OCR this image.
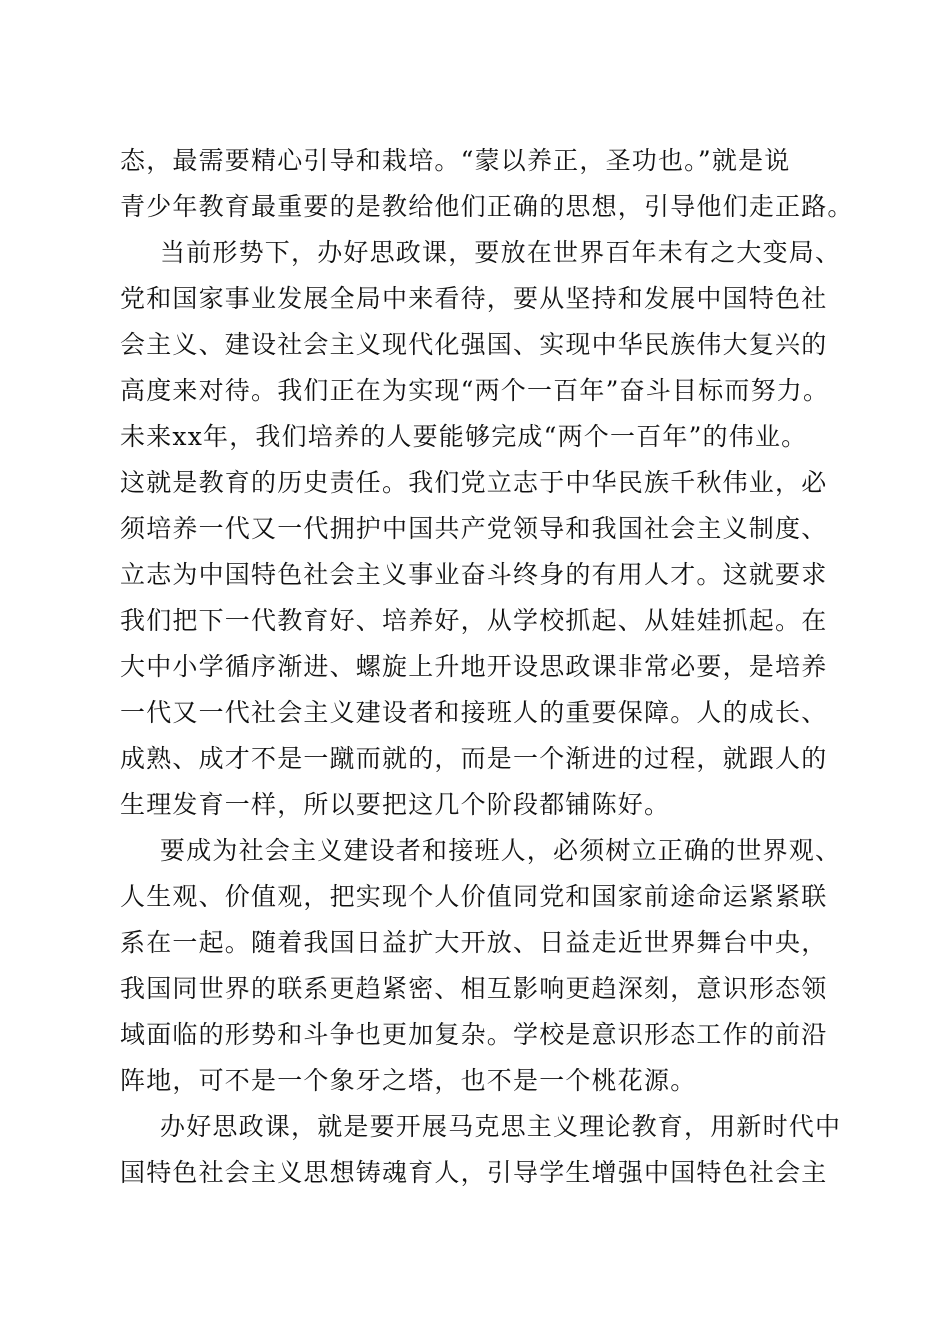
态，最需要精心引导和栽培。“蒙以养正，圣功也。”就是说
青少年教育最重要的是教给他们正确的思想，引导他们走正路。
当前形势下，办好思政课，要放在世界百年未有之大变局、
党和国家事业发展全局中来看待，要从坚持和发展中国特色社
会主义、建设社会主义现代化强国、实现中华民族伟大复兴的
高度来对待。我们正在为实现“两个一百年”奋斗目标而努力。
未来xx年，我们培养的人要能够完成“两个一百年”的伟业。
这就是教育的历史责任。我们党立志于中华民族千秋伟业，必
须培养一代又一代拥护中国共产党领导和我国社会主义制度、
立志为中国特色社会主义事业奋斗终身的有用人才。这就要求
我们把下一代教育好、培养好，从学校抓起、从娃娃抓起。在
大中小学循序渐进、螺旋上升地开设思政课非常必要，是培养
一代又一代社会主义建设者和接班人的重要保障。人的成长、
成熟、成才不是一蹴而就的，而是一个渐进的过程，就跟人的
生理发育一样，所以要把这几个阶段都铺陈好。
要成为社会主义建设者和接班人，必须树立正确的世界观、
人生观、价值观，把实现个人价值同党和国家前途命运紧紧联
系在一起。随着我国日益扩大开放、日益走近世界舞台中央，
我国同世界的联系更趋紧密、相互影响更趋深刻，意识形态领
域面临的形势和斗争也更加复杂。学校是意识形态工作的前沿
阵地，可不是一个象牙之塔，也不是一个桃花源。
办好思政课，就是要开展马克思主义理论教育，用新时代中
国特色社会主义思想铸魂育人，引导学生增强中国特色社会主
